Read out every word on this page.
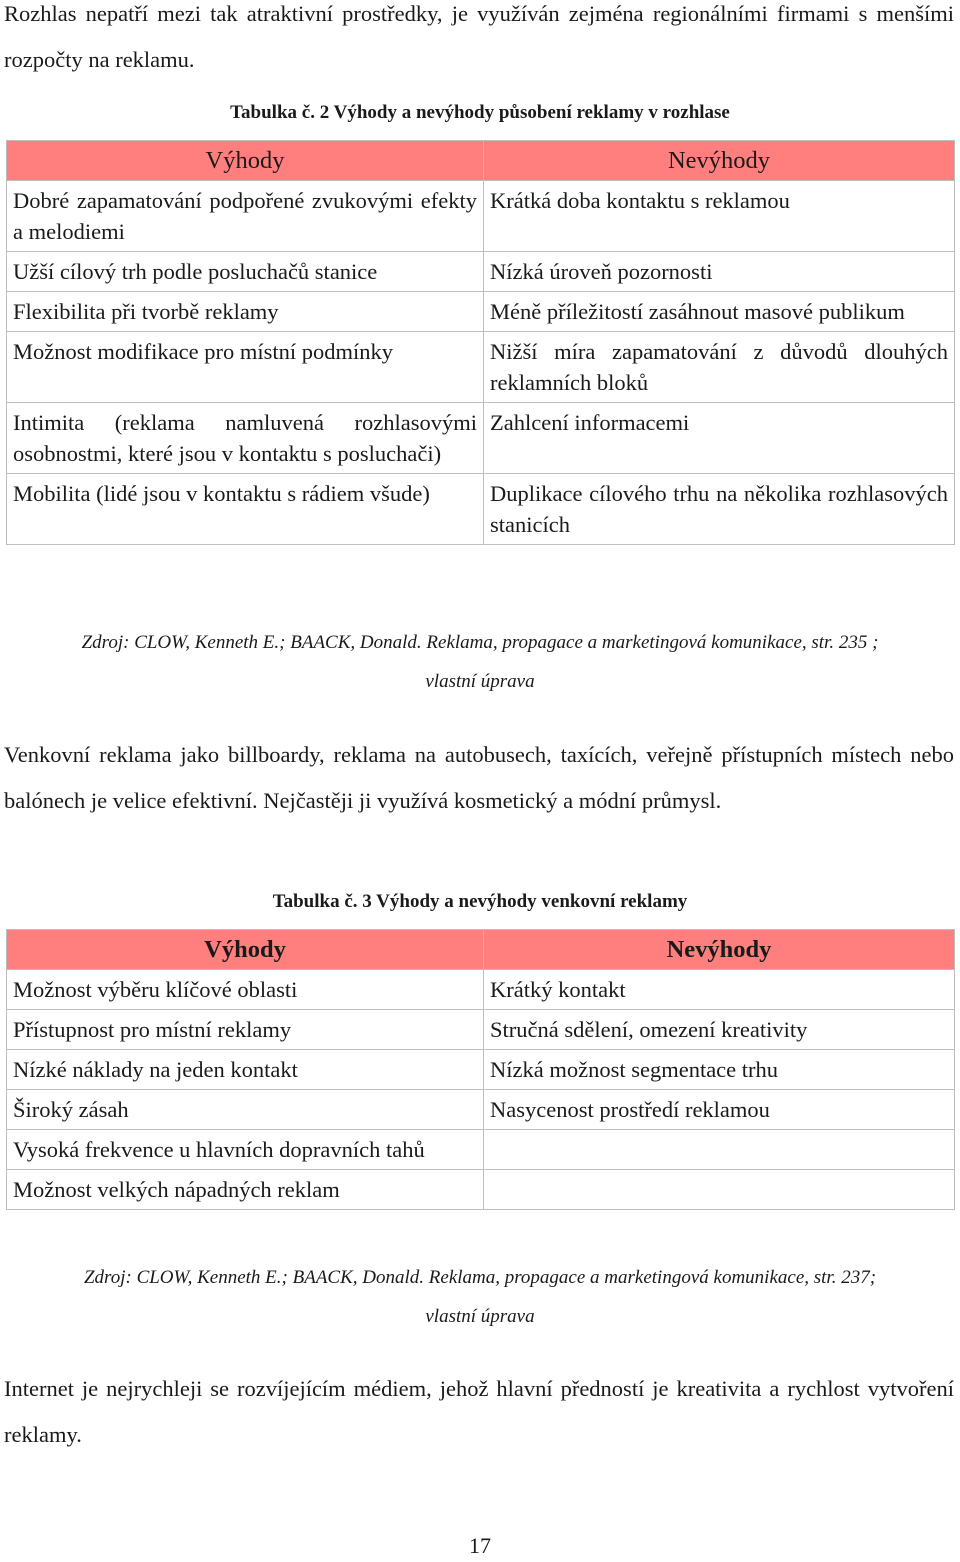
Rozhlas nepatří mezi tak atraktivní prostředky, je využíván zejména regionálními firmami s menšími rozpočty na reklamu.

Tabulka č. 2 Výhody a nevýhody působení reklamy v rozhlase
Výhody	Nevýhody
Dobré zapamatování podpořené zvukovými efekty a melodiemi	Krátká doba kontaktu s reklamou
Užší cílový trh podle posluchačů stanice	Nízká úroveň pozornosti
Flexibilita při tvorbě reklamy	Méně příležitostí zasáhnout masové publikum
Možnost modifikace pro místní podmínky	Nižší míra zapamatování z důvodů dlouhých reklamních bloků
Intimita (reklama namluvená rozhlasovými osobnostmi, které jsou v kontaktu s posluchači)	Zahlcení informacemi
Mobilita (lidé jsou v kontaktu s rádiem všude)	Duplikace cílového trhu na několika rozhlasových stanicích
Zdroj: CLOW, Kenneth E.; BAACK, Donald. Reklama, propagace a marketingová komunikace, str. 235 ;
vlastní úprava

Venkovní reklama jako billboardy, reklama na autobusech, taxících, veřejně přístupních místech nebo balónech je velice efektivní. Nejčastěji ji využívá kosmetický a módní průmysl.

Tabulka č. 3 Výhody a nevýhody venkovní reklamy
Výhody	Nevýhody
Možnost výběru klíčové oblasti	Krátký kontakt
Přístupnost pro místní reklamy	Stručná sdělení, omezení kreativity
Nízké náklady na jeden kontakt	Nízká možnost segmentace trhu
Široký zásah	Nasycenost prostředí reklamou
Vysoká frekvence u hlavních dopravních tahů	
Možnost velkých nápadných reklam	
Zdroj: CLOW, Kenneth E.; BAACK, Donald. Reklama, propagace a marketingová komunikace, str. 237;
vlastní úprava

Internet je nejrychleji se rozvíjejícím médiem, jehož hlavní předností je kreativita a rychlost vytvoření reklamy.

17
